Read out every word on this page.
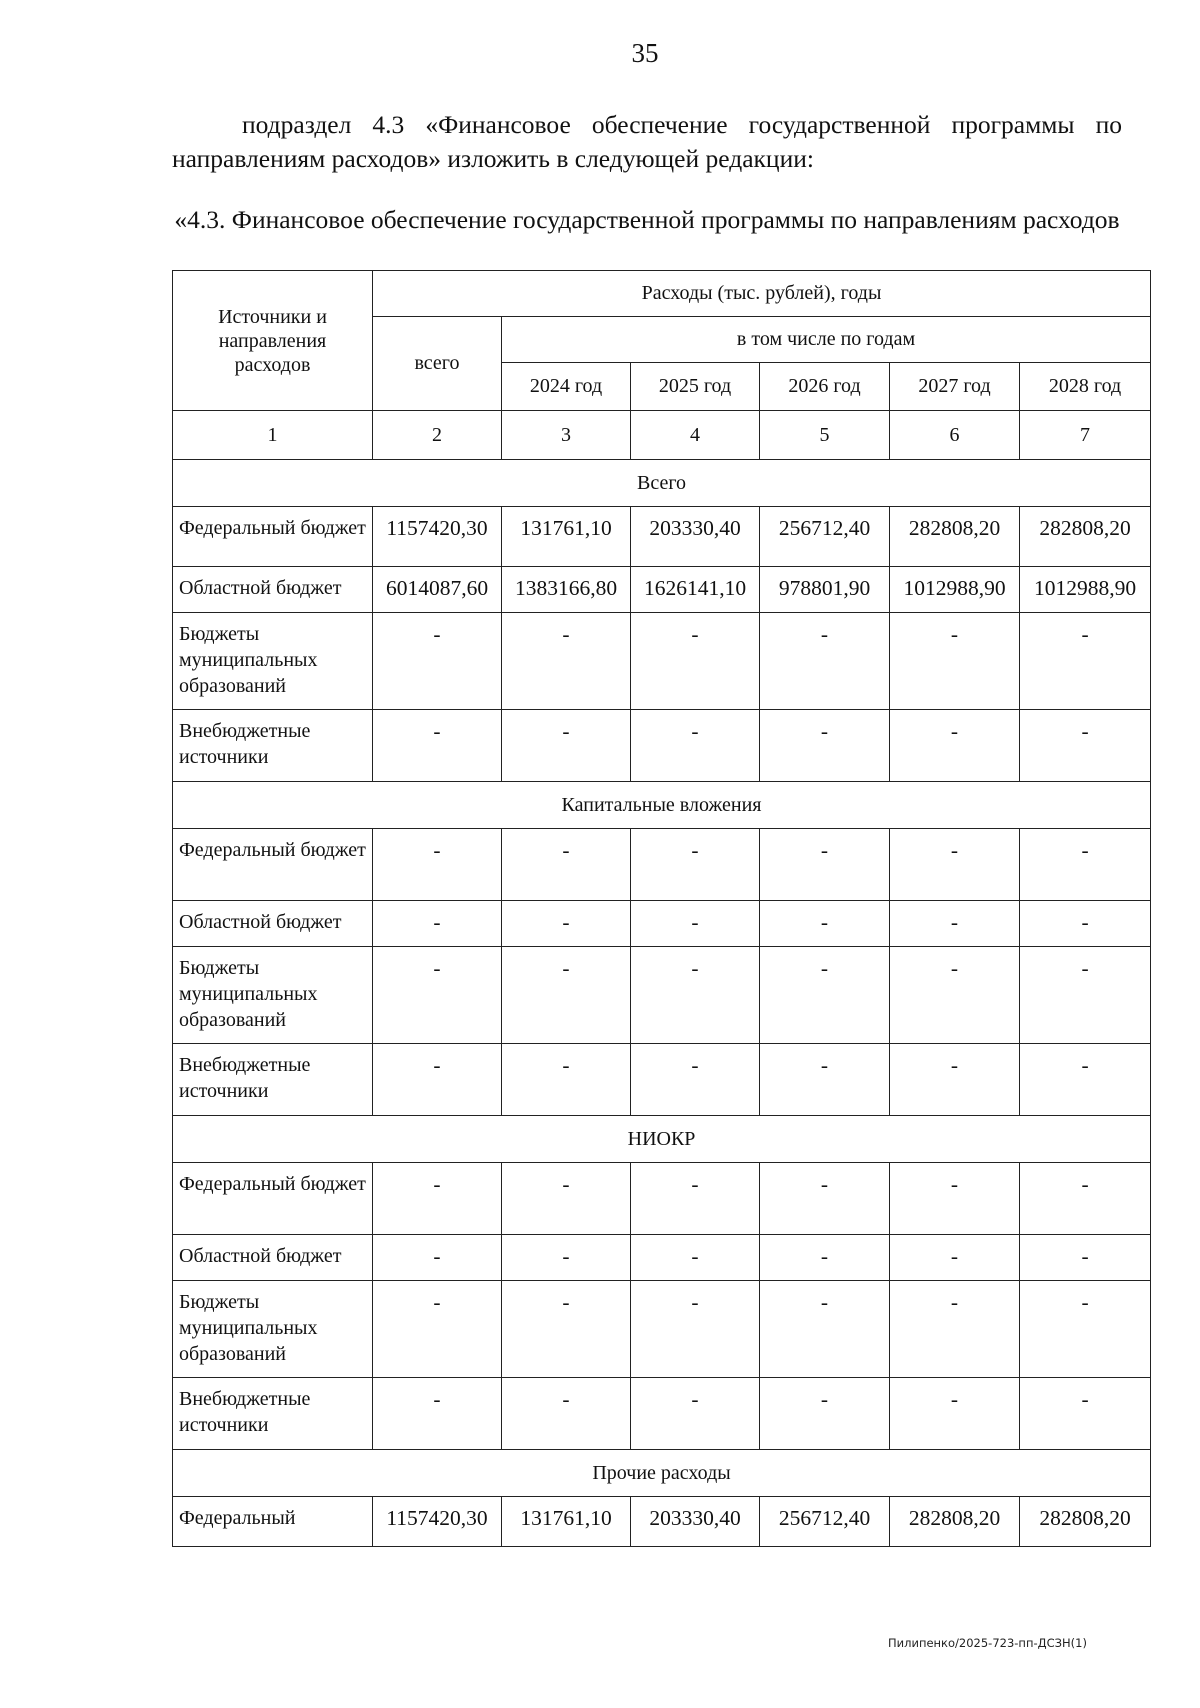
35
подраздел 4.3 «Финансовое обеспечение государственной программы по направлениям расходов» изложить в следующей редакции:
«4.3. Финансовое обеспечение государственной программы по направлениям расходов
Источники и направления расходов	Расходы (тыс. рублей), годы					
	всего	в том числе по годам				
		2024 год	2025 год	2026 год	2027 год	2028 год
1	2	3	4	5	6	7
Всего						
Федеральный бюджет	1157420,30	131761,10	203330,40	256712,40	282808,20	282808,20
Областной бюджет	6014087,60	1383166,80	1626141,10	978801,90	1012988,90	1012988,90
Бюджеты муниципальных образований	-	-	-	-	-	-
Внебюджетные источники	-	-	-	-	-	-
Капитальные вложения						
Федеральный бюджет	-	-	-	-	-	-
Областной бюджет	-	-	-	-	-	-
Бюджеты муниципальных образований	-	-	-	-	-	-
Внебюджетные источники	-	-	-	-	-	-
НИОКР						
Федеральный бюджет	-	-	-	-	-	-
Областной бюджет	-	-	-	-	-	-
Бюджеты муниципальных образований	-	-	-	-	-	-
Внебюджетные источники	-	-	-	-	-	-
Прочие расходы						
Федеральный	1157420,30	131761,10	203330,40	256712,40	282808,20	282808,20
Пилипенко/2025-723-пп-ДСЗН(1)
